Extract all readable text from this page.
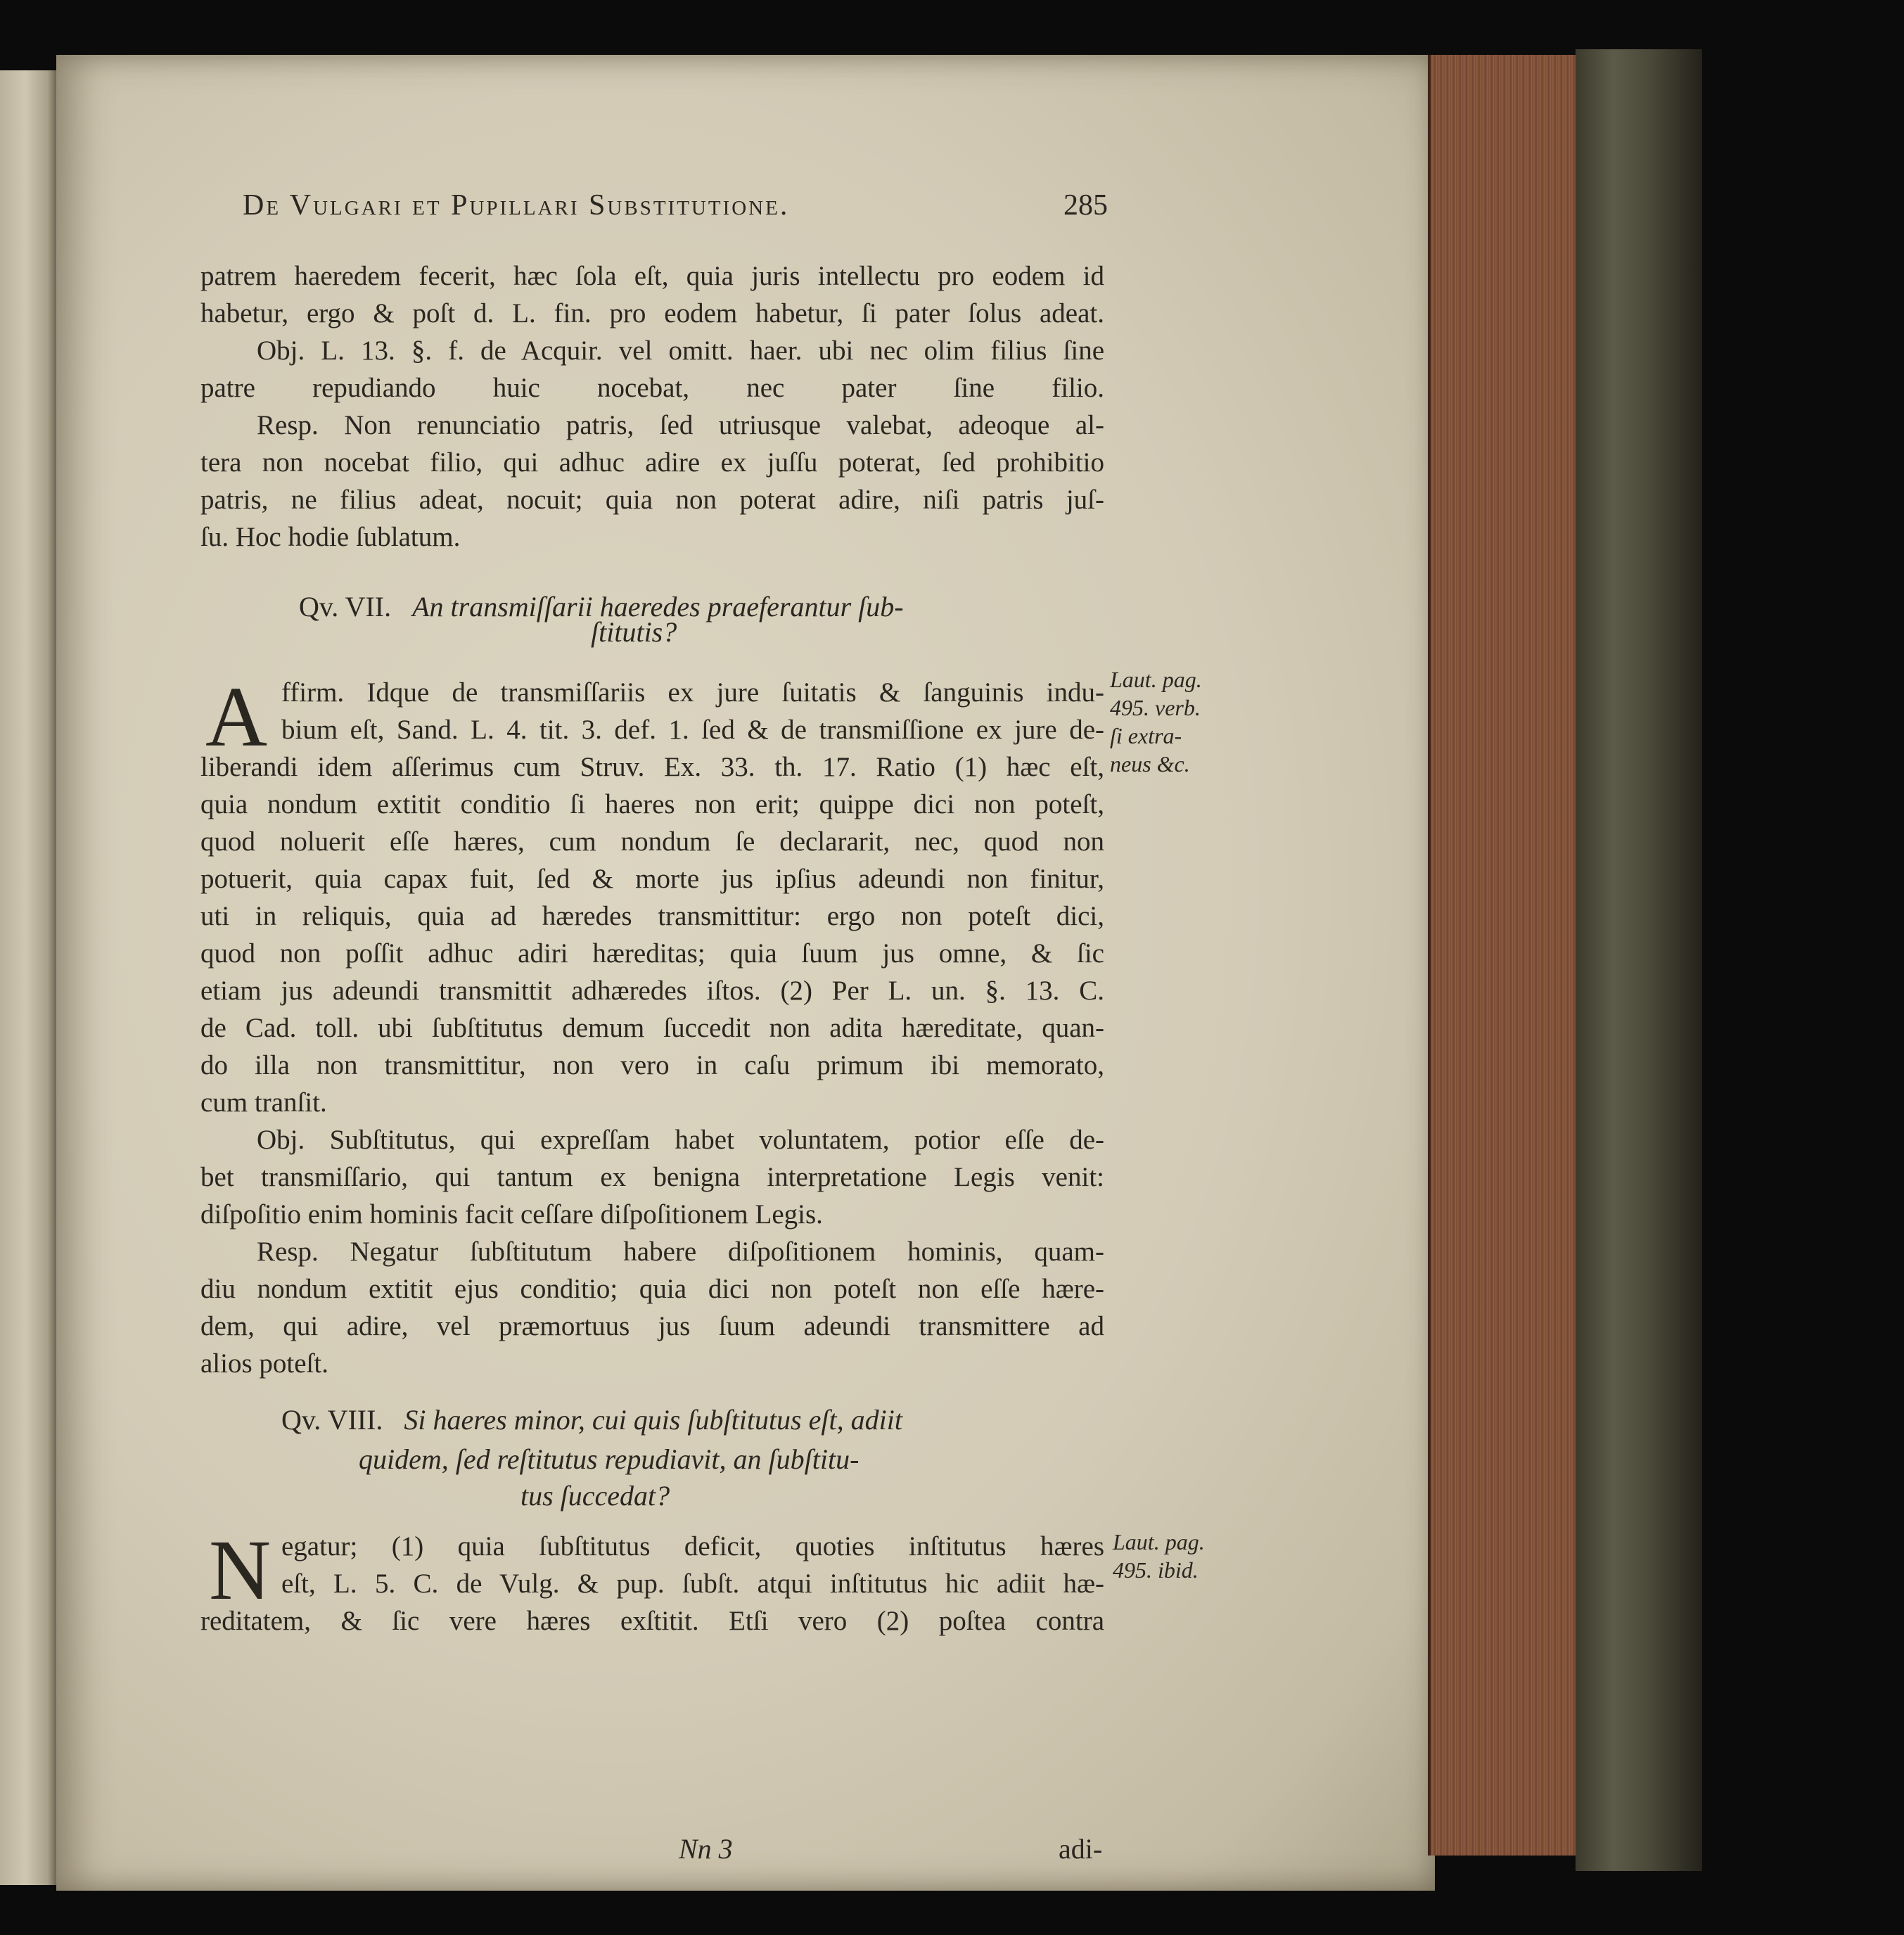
De Vulgari et Pupillari Substitutione.	285
patrem haeredem fecerit, hæc ſola eſt, quia juris intellectu pro eodem id
habetur, ergo & poſt d. L. fin. pro eodem habetur, ſi pater ſolus adeat.
Obj. L. 13. §. f. de Acquir. vel omitt. haer. ubi nec olim filius ſine
patre repudiando huic nocebat, nec pater ſine filio.
Resp. Non renunciatio patris, ſed utriusque valebat, adeoque al-
tera non nocebat filio, qui adhuc adire ex juſſu poterat, ſed prohibitio
patris, ne filius adeat, nocuit; quia non poterat adire, niſi patris juſ-
ſu. Hoc hodie ſublatum.
Qv. VII. An transmiſſarii haeredes praeferantur ſub-
ſtitutis?
A ffirm. Idque de transmiſſariis ex jure ſuitatis & ſanguinis indu-
bium eſt, Sand. L. 4. tit. 3. def. 1. ſed & de transmiſſione ex jure de-
liberandi idem aſſerimus cum Struv. Ex. 33. th. 17. Ratio (1) hæc eſt,
quia nondum extitit conditio ſi haeres non erit; quippe dici non poteſt,
quod noluerit eſſe hæres, cum nondum ſe declararit, nec, quod non
potuerit, quia capax fuit, ſed & morte jus ipſius adeundi non finitur,
uti in reliquis, quia ad hæredes transmittitur: ergo non poteſt dici,
quod non poſſit adhuc adiri hæreditas; quia ſuum jus omne, & ſic
etiam jus adeundi transmittit adhæredes iſtos. (2) Per L. un. §. 13. C.
de Cad. toll. ubi ſubſtitutus demum ſuccedit non adita hæreditate, quan-
do illa non transmittitur, non vero in caſu primum ibi memorato,
cum tranſit.
Obj. Subſtitutus, qui expreſſam habet voluntatem, potior eſſe de-
bet transmiſſario, qui tantum ex benigna interpretatione Legis venit:
diſpoſitio enim hominis facit ceſſare diſpoſitionem Legis.
Resp. Negatur ſubſtitutum habere diſpoſitionem hominis, quam-
diu nondum extitit ejus conditio; quia dici non poteſt non eſſe hære-
dem, qui adire, vel præmortuus jus ſuum adeundi transmittere ad
alios poteſt.
Laut. pag.
495. verb.
ſi extra-
neus &c.
Qv. VIII. Si haeres minor, cui quis ſubſtitutus eſt, adiit
quidem, ſed reſtitutus repudiavit, an ſubſtitu-
tus ſuccedat?
N egatur; (1) quia ſubſtitutus deficit, quoties inſtitutus hæres
eſt, L. 5. C. de Vulg. & pup. ſubſt. atqui inſtitutus hic adiit hæ-
reditatem, & ſic vere hæres exſtitit. Etſi vero (2) poſtea contra
Laut. pag.
495. ibid.
Nn 3	adi-
